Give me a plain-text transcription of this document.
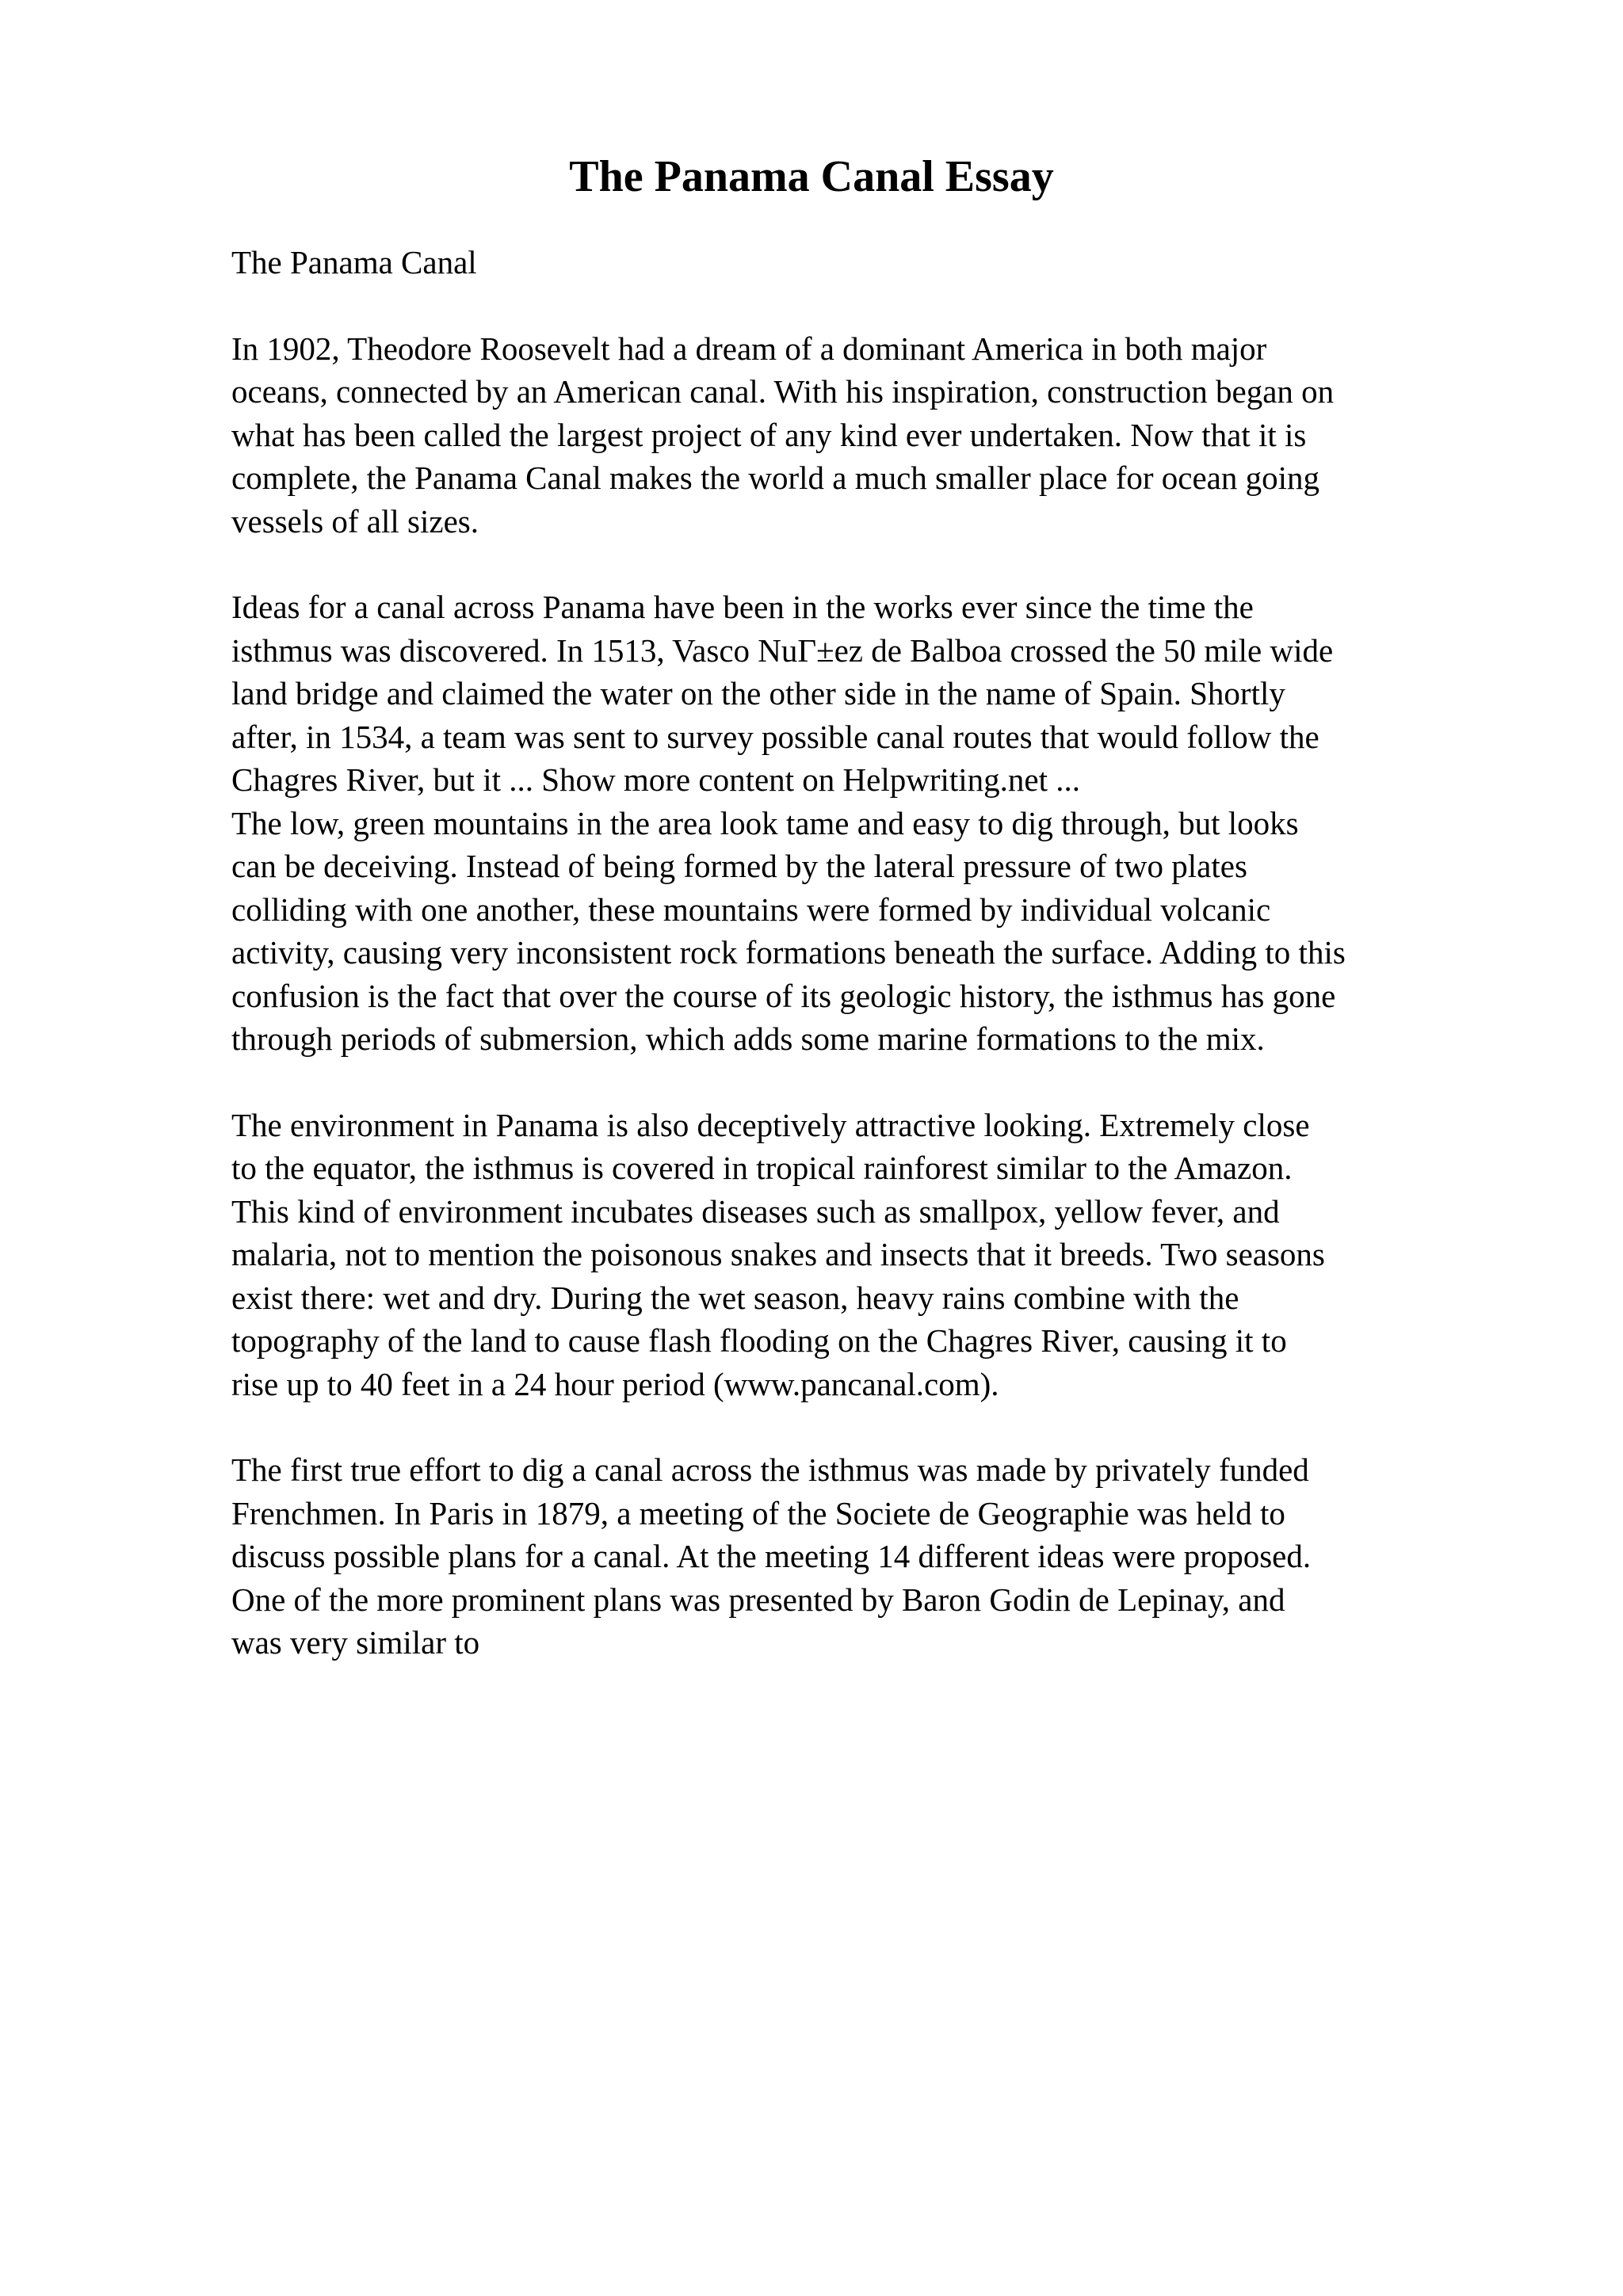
The Panama Canal Essay

The Panama Canal

In 1902, Theodore Roosevelt had a dream of a dominant America in both major
oceans, connected by an American canal. With his inspiration, construction began on
what has been called the largest project of any kind ever undertaken. Now that it is
complete, the Panama Canal makes the world a much smaller place for ocean going
vessels of all sizes.

Ideas for a canal across Panama have been in the works ever since the time the
isthmus was discovered. In 1513, Vasco NuΓ±ez de Balboa crossed the 50 mile wide
land bridge and claimed the water on the other side in the name of Spain. Shortly
after, in 1534, a team was sent to survey possible canal routes that would follow the
Chagres River, but it ... Show more content on Helpwriting.net ...

The low, green mountains in the area look tame and easy to dig through, but looks
can be deceiving. Instead of being formed by the lateral pressure of two plates
colliding with one another, these mountains were formed by individual volcanic
activity, causing very inconsistent rock formations beneath the surface. Adding to this
confusion is the fact that over the course of its geologic history, the isthmus has gone
through periods of submersion, which adds some marine formations to the mix.

The environment in Panama is also deceptively attractive looking. Extremely close
to the equator, the isthmus is covered in tropical rainforest similar to the Amazon.
This kind of environment incubates diseases such as smallpox, yellow fever, and
malaria, not to mention the poisonous snakes and insects that it breeds. Two seasons
exist there: wet and dry. During the wet season, heavy rains combine with the
topography of the land to cause flash flooding on the Chagres River, causing it to
rise up to 40 feet in a 24 hour period (www.pancanal.com).

The first true effort to dig a canal across the isthmus was made by privately funded
Frenchmen. In Paris in 1879, a meeting of the Societe de Geographie was held to
discuss possible plans for a canal. At the meeting 14 different ideas were proposed.
One of the more prominent plans was presented by Baron Godin de Lepinay, and
was very similar to
